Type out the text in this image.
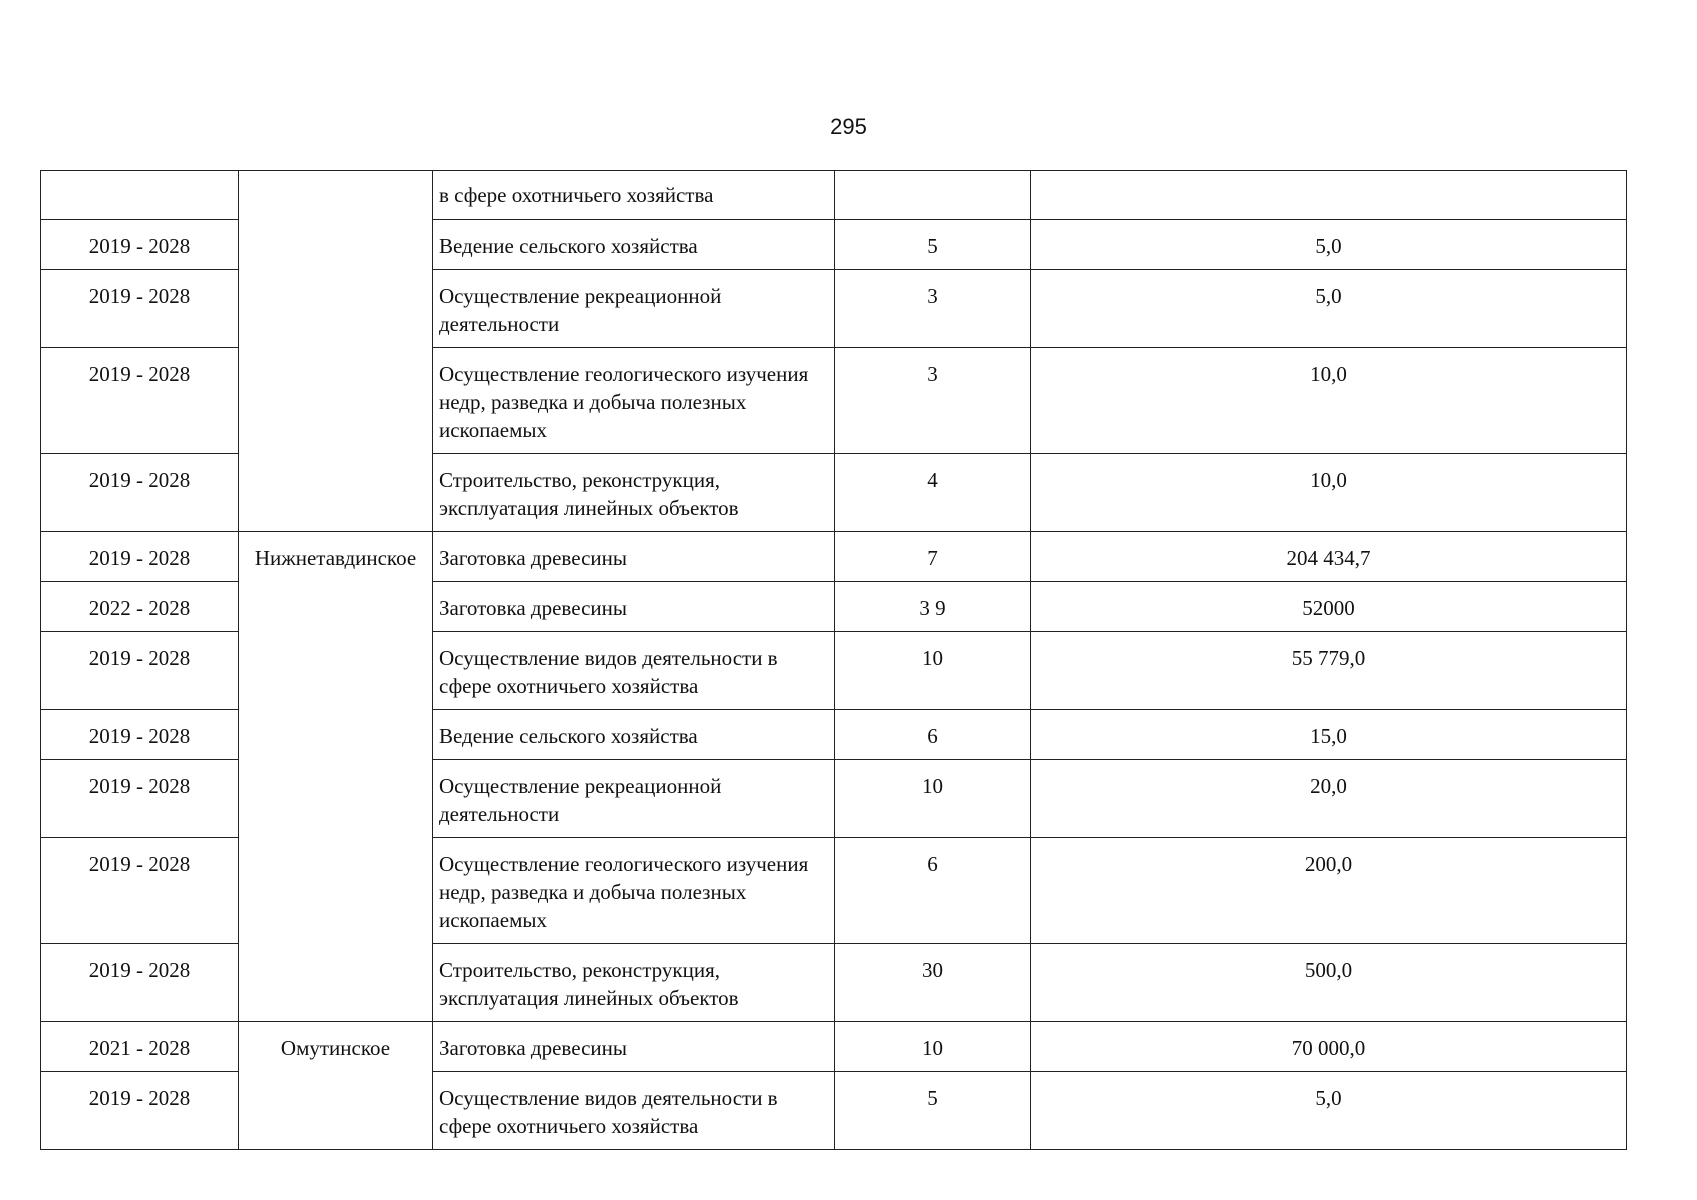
295
		в сфере охотничьего хозяйства		
2019 - 2028		Ведение сельского хозяйства	5	5,0
2019 - 2028		Осуществление рекреационной деятельности	3	5,0
2019 - 2028		Осуществление геологического изучения недр, разведка и добыча полезных ископаемых	3	10,0
2019 - 2028		Строительство, реконструкция, эксплуатация линейных объектов	4	10,0
2019 - 2028	Нижнетавдинское	Заготовка древесины	7	204 434,7
2022 - 2028		Заготовка древесины	3 9	52000
2019 - 2028		Осуществление видов деятельности в сфере охотничьего хозяйства	10	55 779,0
2019 - 2028		Ведение сельского хозяйства	6	15,0
2019 - 2028		Осуществление рекреационной деятельности	10	20,0
2019 - 2028		Осуществление геологического изучения недр, разведка и добыча полезных ископаемых	6	200,0
2019 - 2028		Строительство, реконструкция, эксплуатация линейных объектов	30	500,0
2021 - 2028	Омутинское	Заготовка древесины	10	70 000,0
2019 - 2028		Осуществление видов деятельности в сфере охотничьего хозяйства	5	5,0
